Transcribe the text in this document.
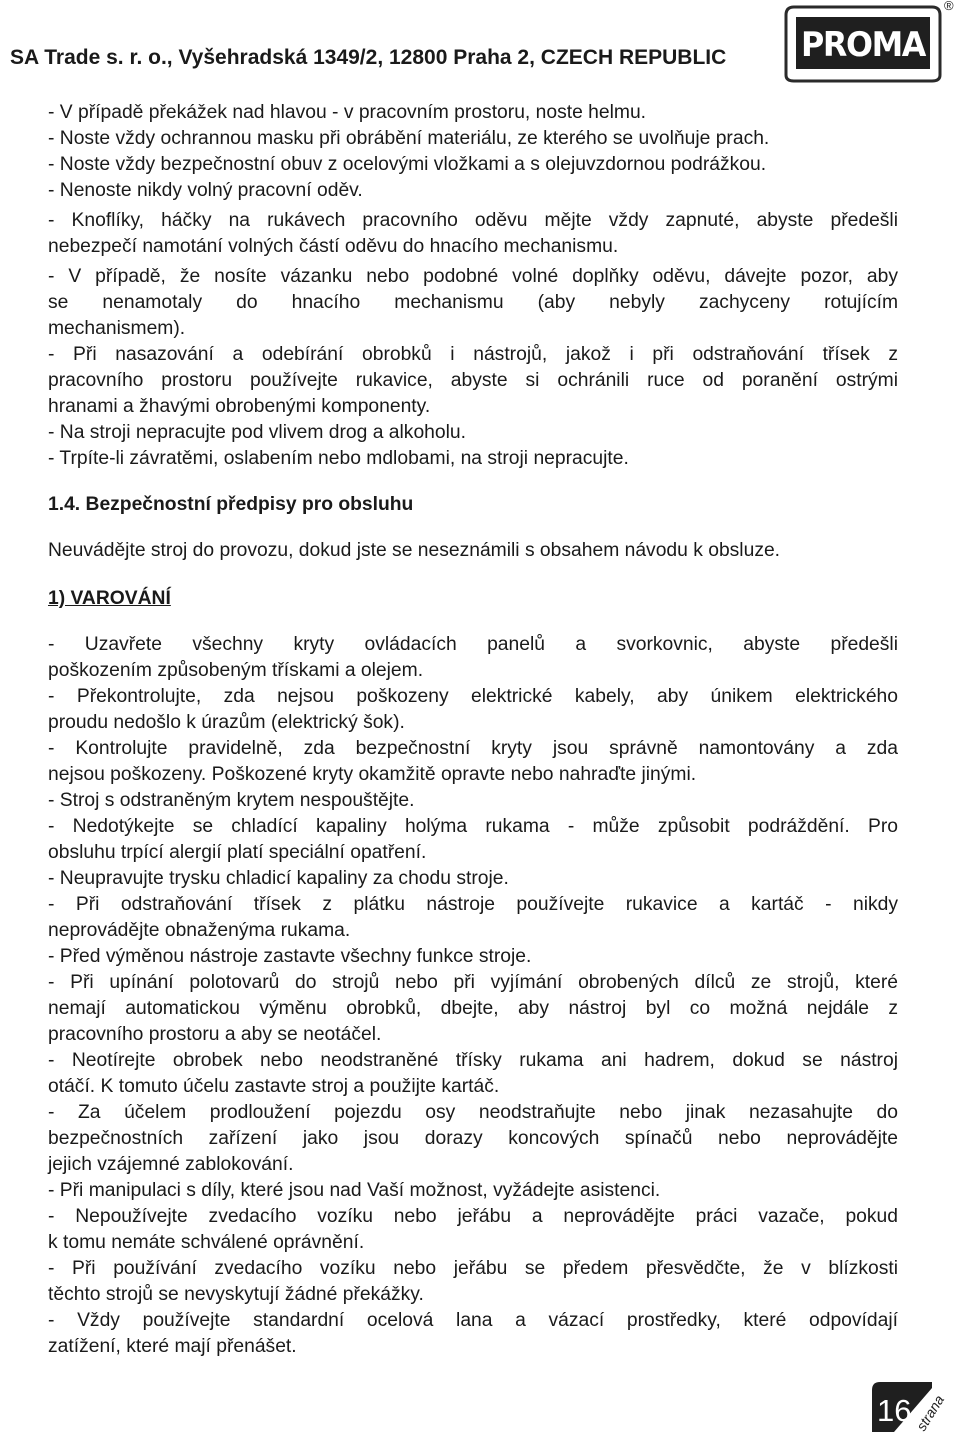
SA Trade s. r. o., Vyšehradská 1349/2, 12800 Praha 2, CZECH REPUBLIC PROMA
®

- V případě překážek nad hlavou - v pracovním prostoru, noste helmu.

- Noste vždy ochrannou masku při obrábění materiálu, ze kterého se uvolňuje prach.

- Noste vždy bezpečnostní obuv z ocelovými vložkami a s olejuvzdornou podrážkou.

- Nenoste nikdy volný pracovní oděv.

- Knoflíky, háčky na rukávech pracovního oděvu mějte vždy zapnuté, abyste předešli

nebezpečí namotání volných částí oděvu do hnacího mechanismu.

- V případě, že nosíte vázanku nebo podobné volné doplňky oděvu, dávejte pozor, aby

se nenamotaly do hnacího mechanismu (aby nebyly zachyceny rotujícím

mechanismem).

- Při nasazování a odebírání obrobků i nástrojů, jakož i při odstraňování třísek z

pracovního prostoru používejte rukavice, abyste si ochránili ruce od poranění ostrými

hranami a žhavými obrobenými komponenty.

- Na stroji nepracujte pod vlivem drog a alkoholu.

- Trpíte-li závratěmi, oslabením nebo mdlobami, na stroji nepracujte.

1.4. Bezpečnostní předpisy pro obsluhu

Neuvádějte stroj do provozu, dokud jste se neseznámili s obsahem návodu k obsluze.

1) VAROVÁNÍ

- Uzavřete všechny kryty ovládacích panelů a svorkovnic, abyste předešli

poškozením způsobeným třískami a olejem.

- Překontrolujte, zda nejsou poškozeny elektrické kabely, aby únikem elektrického

proudu nedošlo k úrazům (elektrický šok).

- Kontrolujte pravidelně, zda bezpečnostní kryty jsou správně namontovány a zda

nejsou poškozeny. Poškozené kryty okamžitě opravte nebo nahraďte jinými.

- Stroj s odstraněným krytem nespouštějte.

- Nedotýkejte se chladící kapaliny holýma rukama - může způsobit podráždění. Pro

obsluhu trpící alergií platí speciální opatření.

- Neupravujte trysku chladicí kapaliny za chodu stroje.

- Při odstraňování třísek z plátku nástroje používejte rukavice a kartáč - nikdy

neprovádějte obnaženýma rukama.

- Před výměnou nástroje zastavte všechny funkce stroje.

- Při upínání polotovarů do strojů nebo při vyjímání obrobených dílců ze strojů, které

nemají automatickou výměnu obrobků, dbejte, aby nástroj byl co možná nejdále z

pracovního prostoru a aby se neotáčel.

- Neotírejte obrobek nebo neodstraněné třísky rukama ani hadrem, dokud se nástroj

otáčí. K tomuto účelu zastavte stroj a použijte kartáč.

- Za účelem prodloužení pojezdu osy neodstraňujte nebo jinak nezasahujte do

bezpečnostních zařízení jako jsou dorazy koncových spínačů nebo neprovádějte

jejich vzájemné zablokování.

- Při manipulaci s díly, které jsou nad Vaší možnost, vyžádejte asistenci.

- Nepoužívejte zvedacího vozíku nebo jeřábu a neprovádějte práci vazače, pokud

k tomu nemáte schválené oprávnění.

- Při používání zvedacího vozíku nebo jeřábu se předem přesvědčte, že v blízkosti

těchto strojů se nevyskytují žádné překážky.

- Vždy používejte standardní ocelová lana a vázací prostředky, které odpovídají

zatížení, které mají přenášet.

16 strana
